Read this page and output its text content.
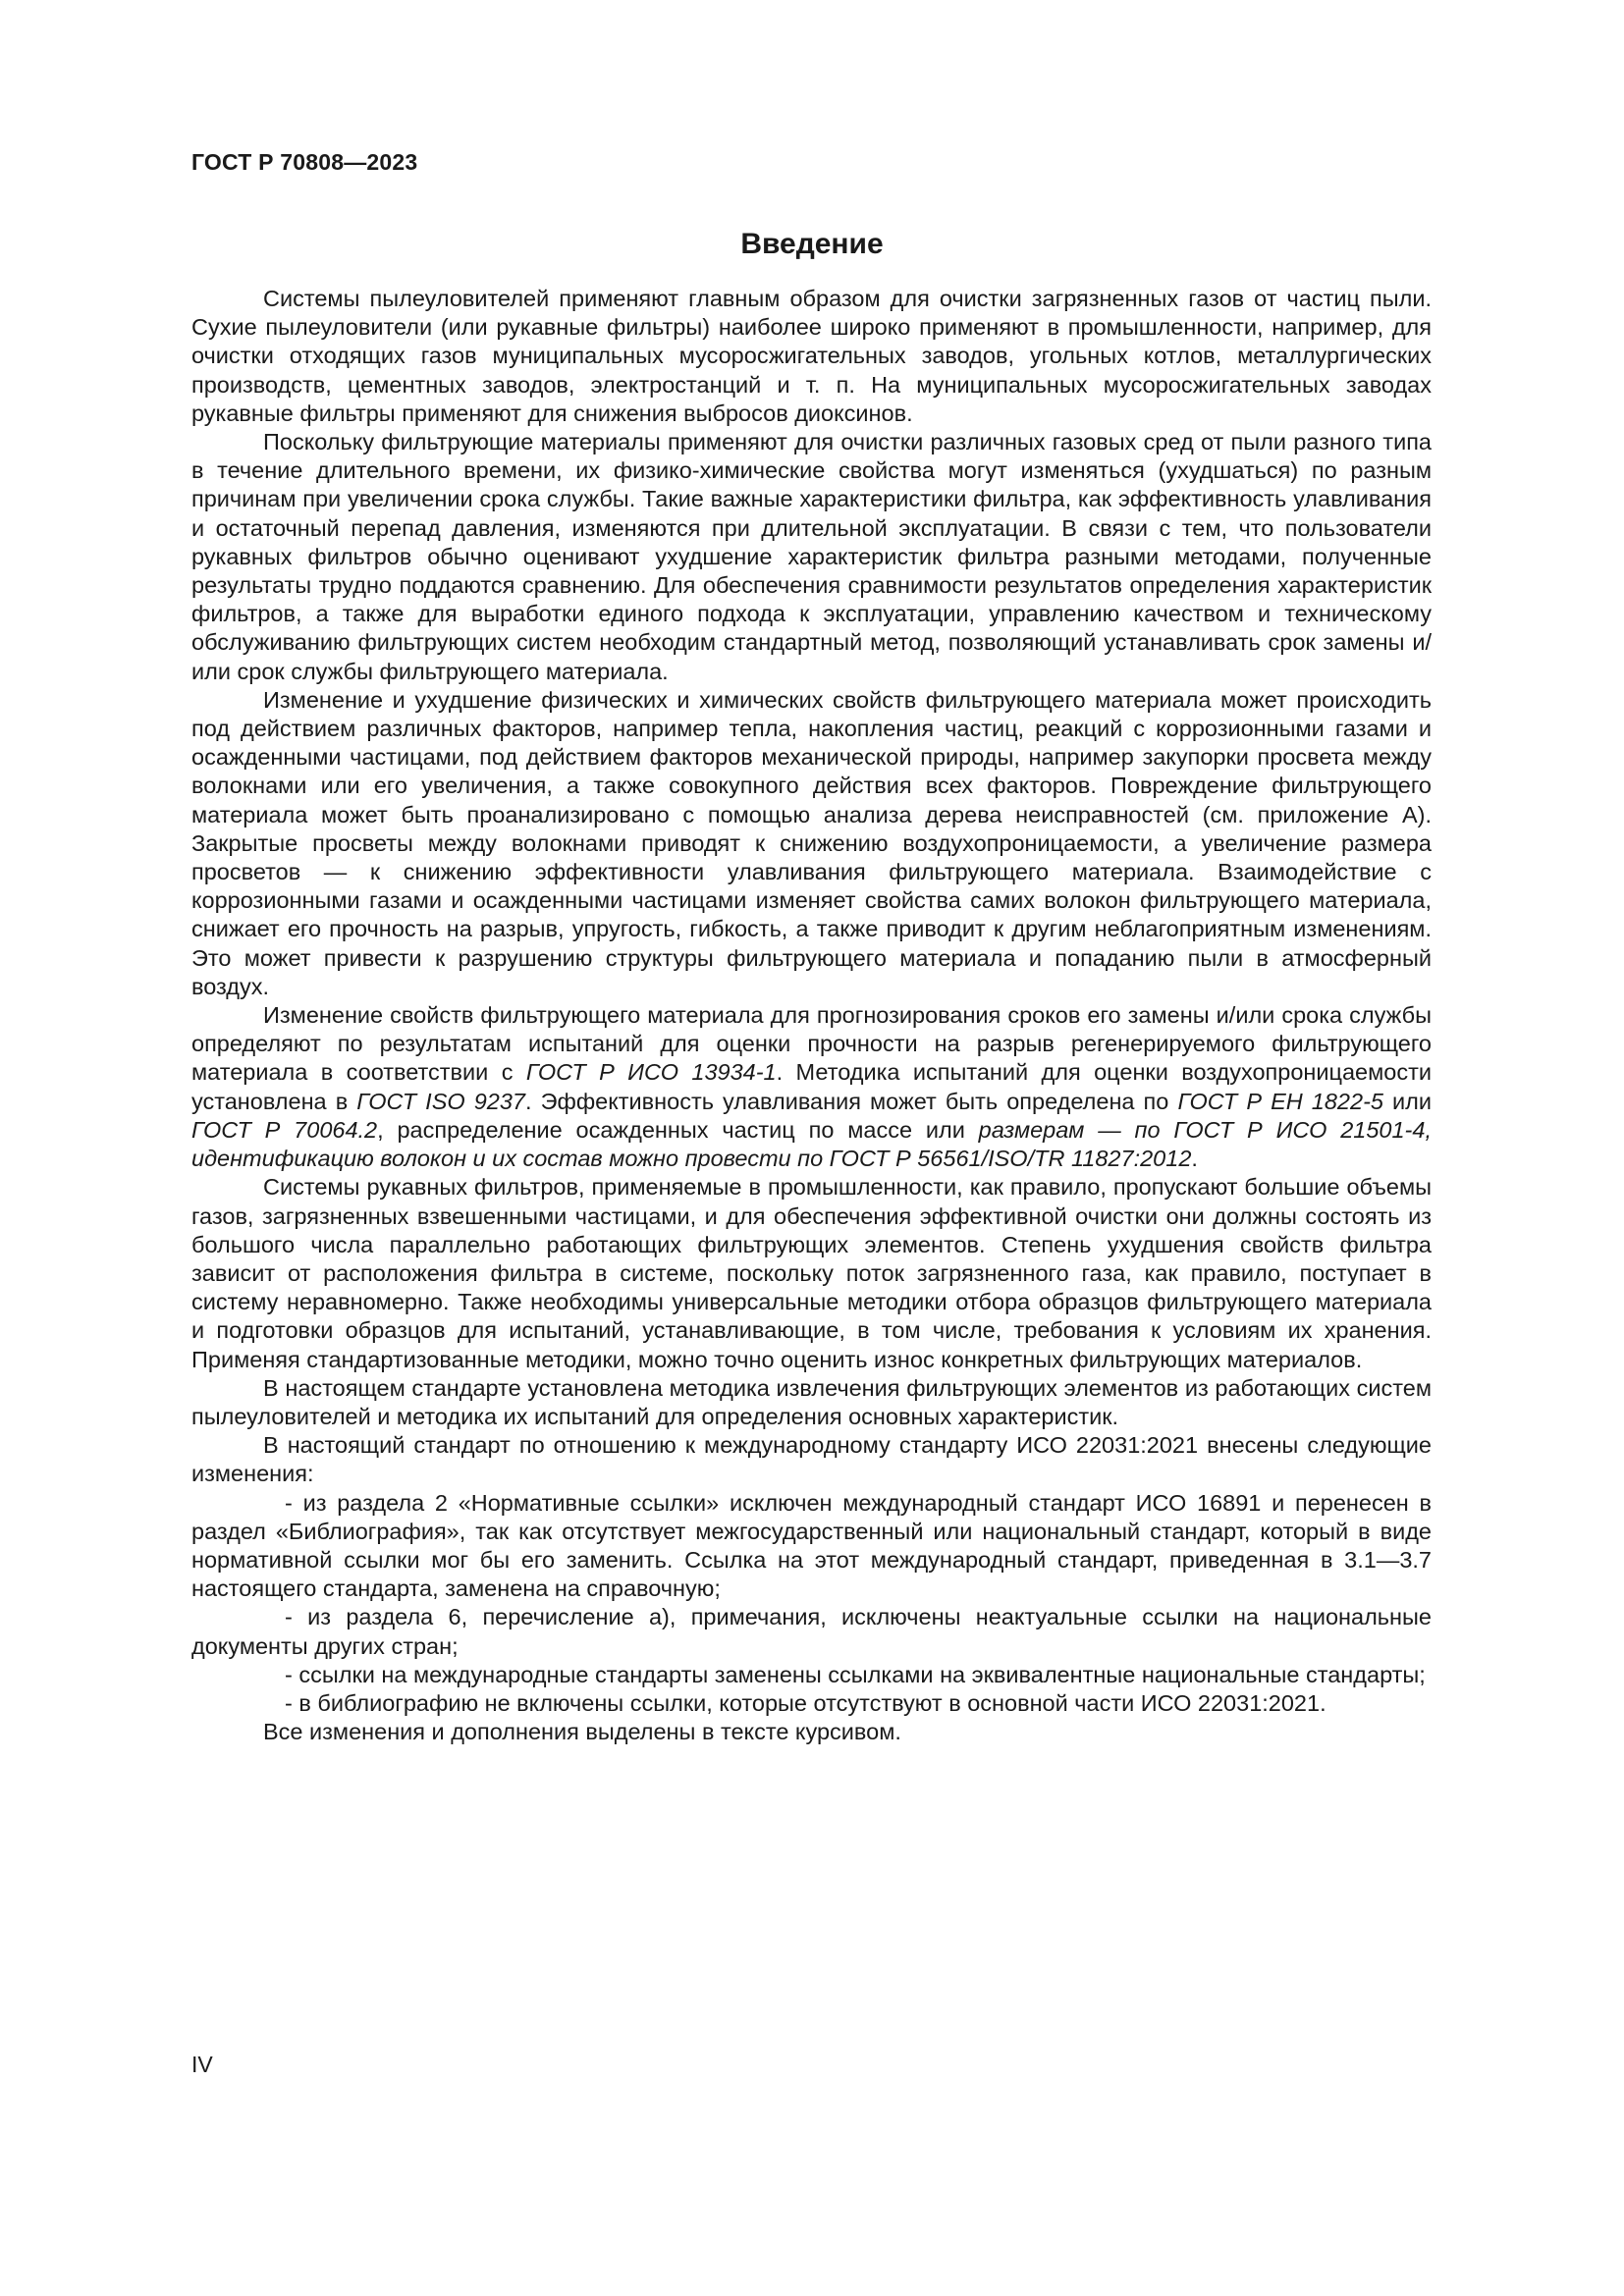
ГОСТ Р 70808—2023
Введение

Системы пылеуловителей применяют главным образом для очистки загрязненных газов от частиц пыли. Сухие пылеуловители (или рукавные фильтры) наиболее широко применяют в промышленности, например, для очистки отходящих газов муниципальных мусоросжигательных заводов, угольных котлов, металлургических производств, цементных заводов, электростанций и т. п. На муниципальных мусоросжигательных заводах рукавные фильтры применяют для снижения выбросов диоксинов.

Поскольку фильтрующие материалы применяют для очистки различных газовых сред от пыли разного типа в течение длительного времени, их физико-химические свойства могут изменяться (ухудшаться) по разным причинам при увеличении срока службы. Такие важные характеристики фильтра, как эффективность улавливания и остаточный перепад давления, изменяются при длительной эксплуатации. В связи с тем, что пользователи рукавных фильтров обычно оценивают ухудшение характеристик фильтра разными методами, полученные результаты трудно поддаются сравнению. Для обеспечения сравнимости результатов определения характеристик фильтров, а также для выработки единого подхода к эксплуатации, управлению качеством и техническому обслуживанию фильтрующих систем необходим стандартный метод, позволяющий устанавливать срок замены и/или срок службы фильтрующего материала.

Изменение и ухудшение физических и химических свойств фильтрующего материала может происходить под действием различных факторов, например тепла, накопления частиц, реакций с коррозионными газами и осажденными частицами, под действием факторов механической природы, например закупорки просвета между волокнами или его увеличения, а также совокупного действия всех факторов. Повреждение фильтрующего материала может быть проанализировано с помощью анализа дерева неисправностей (см. приложение А). Закрытые просветы между волокнами приводят к снижению воздухопроницаемости, а увеличение размера просветов — к снижению эффективности улавливания фильтрующего материала. Взаимодействие с коррозионными газами и осажденными частицами изменяет свойства самих волокон фильтрующего материала, снижает его прочность на разрыв, упругость, гибкость, а также приводит к другим неблагоприятным изменениям. Это может привести к разрушению структуры фильтрующего материала и попаданию пыли в атмосферный воздух.

Изменение свойств фильтрующего материала для прогнозирования сроков его замены и/или срока службы определяют по результатам испытаний для оценки прочности на разрыв регенерируемого фильтрующего материала в соответствии с ГОСТ Р ИСО 13934-1. Методика испытаний для оценки воздухопроницаемости установлена в ГОСТ ISO 9237. Эффективность улавливания может быть определена по ГОСТ Р ЕН 1822-5 или ГОСТ Р 70064.2, распределение осажденных частиц по массе или размерам — по ГОСТ Р ИСО 21501-4, идентификацию волокон и их состав можно провести по ГОСТ Р 56561/ISO/TR 11827:2012.

Системы рукавных фильтров, применяемые в промышленности, как правило, пропускают большие объемы газов, загрязненных взвешенными частицами, и для обеспечения эффективной очистки они должны состоять из большого числа параллельно работающих фильтрующих элементов. Степень ухудшения свойств фильтра зависит от расположения фильтра в системе, поскольку поток загрязненного газа, как правило, поступает в систему неравномерно. Также необходимы универсальные методики отбора образцов фильтрующего материала и подготовки образцов для испытаний, устанавливающие, в том числе, требования к условиям их хранения. Применяя стандартизованные методики, можно точно оценить износ конкретных фильтрующих материалов.

В настоящем стандарте установлена методика извлечения фильтрующих элементов из работающих систем пылеуловителей и методика их испытаний для определения основных характеристик.

В настоящий стандарт по отношению к международному стандарту ИСО 22031:2021 внесены следующие изменения:

- из раздела 2 «Нормативные ссылки» исключен международный стандарт ИСО 16891 и перенесен в раздел «Библиография», так как отсутствует межгосударственный или национальный стандарт, который в виде нормативной ссылки мог бы его заменить. Ссылка на этот международный стандарт, приведенная в 3.1—3.7 настоящего стандарта, заменена на справочную;

- из раздела 6, перечисление а), примечания, исключены неактуальные ссылки на национальные документы других стран;

- ссылки на международные стандарты заменены ссылками на эквивалентные национальные стандарты;

- в библиографию не включены ссылки, которые отсутствуют в основной части ИСО 22031:2021.

Все изменения и дополнения выделены в тексте курсивом.

IV
